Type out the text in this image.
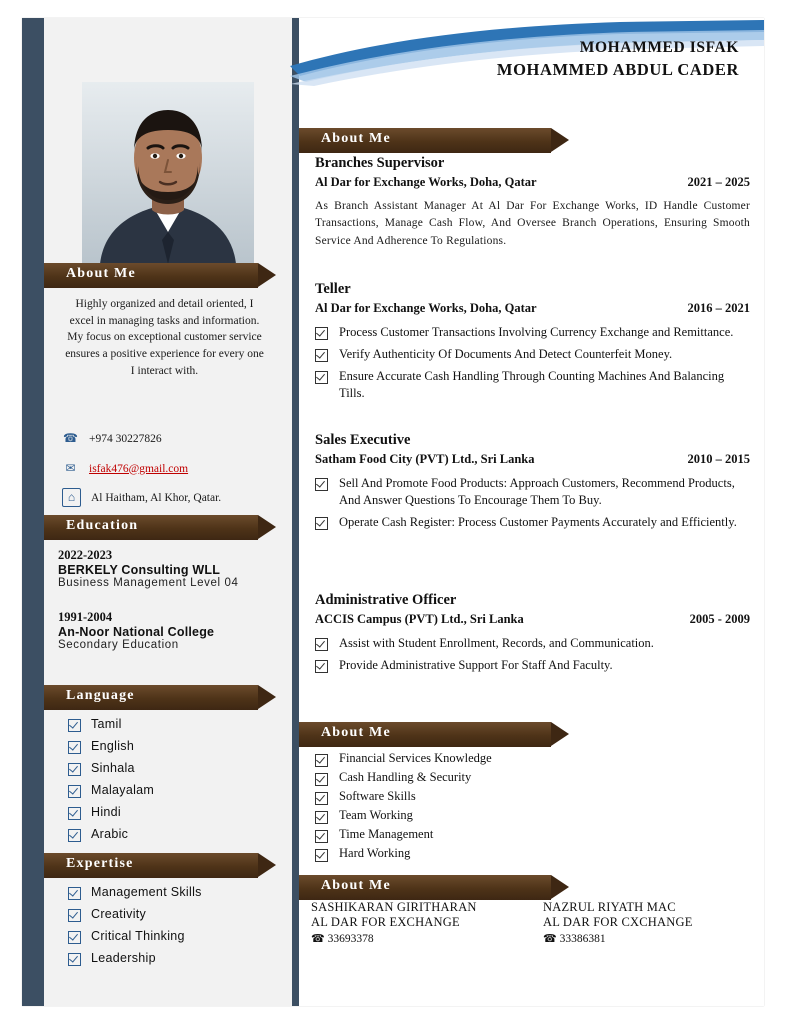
MOHAMMED ISFAK
MOHAMMED ABDUL CADER
About Me
Highly organized and detail oriented, I excel in managing tasks and information. My focus on exceptional customer service ensures a positive experience for every one I interact with.
☎ +974 30227826
✉	isfak476@gmail.com
⌂	Al Haitham, Al Khor, Qatar.
Education
2022-2023
BERKELY Consulting WLL
Business Management Level 04
1991-2004
An-Noor National College
Secondary Education
Language
Tamil
English
Sinhala
Malayalam
Hindi
Arabic
Expertise
Management Skills
Creativity
Critical Thinking
Leadership
About Me
Branches Supervisor
Al Dar for Exchange Works, Doha, Qatar	2021 – 2025
As Branch Assistant Manager At Al Dar For Exchange Works, ID Handle Customer Transactions, Manage Cash Flow, And Oversee Branch Operations, Ensuring Smooth Service And Adherence To Regulations.
Teller
Al Dar for Exchange Works, Doha, Qatar	2016 – 2021
Process Customer Transactions Involving Currency Exchange and Remittance.
Verify Authenticity Of Documents And Detect Counterfeit Money.
Ensure Accurate Cash Handling Through Counting Machines And Balancing Tills.
Sales Executive
Satham Food City (PVT) Ltd., Sri Lanka	2010 – 2015
Sell And Promote Food Products: Approach Customers, Recommend Products, And Answer Questions To Encourage Them To Buy.
Operate Cash Register: Process Customer Payments Accurately and Efficiently.
Administrative Officer
ACCIS Campus (PVT) Ltd., Sri Lanka	2005 - 2009
Assist with Student Enrollment, Records, and Communication.
Provide Administrative Support For Staff And Faculty.
About Me
Financial Services Knowledge
Cash Handling & Security
Software Skills
Team Working
Time Management
Hard Working
About Me
SASHIKARAN GIRITHARAN
AL DAR FOR EXCHANGE
☎ 33693378
NAZRUL RIYATH MAC
AL DAR FOR CXCHANGE
☎ 33386381
